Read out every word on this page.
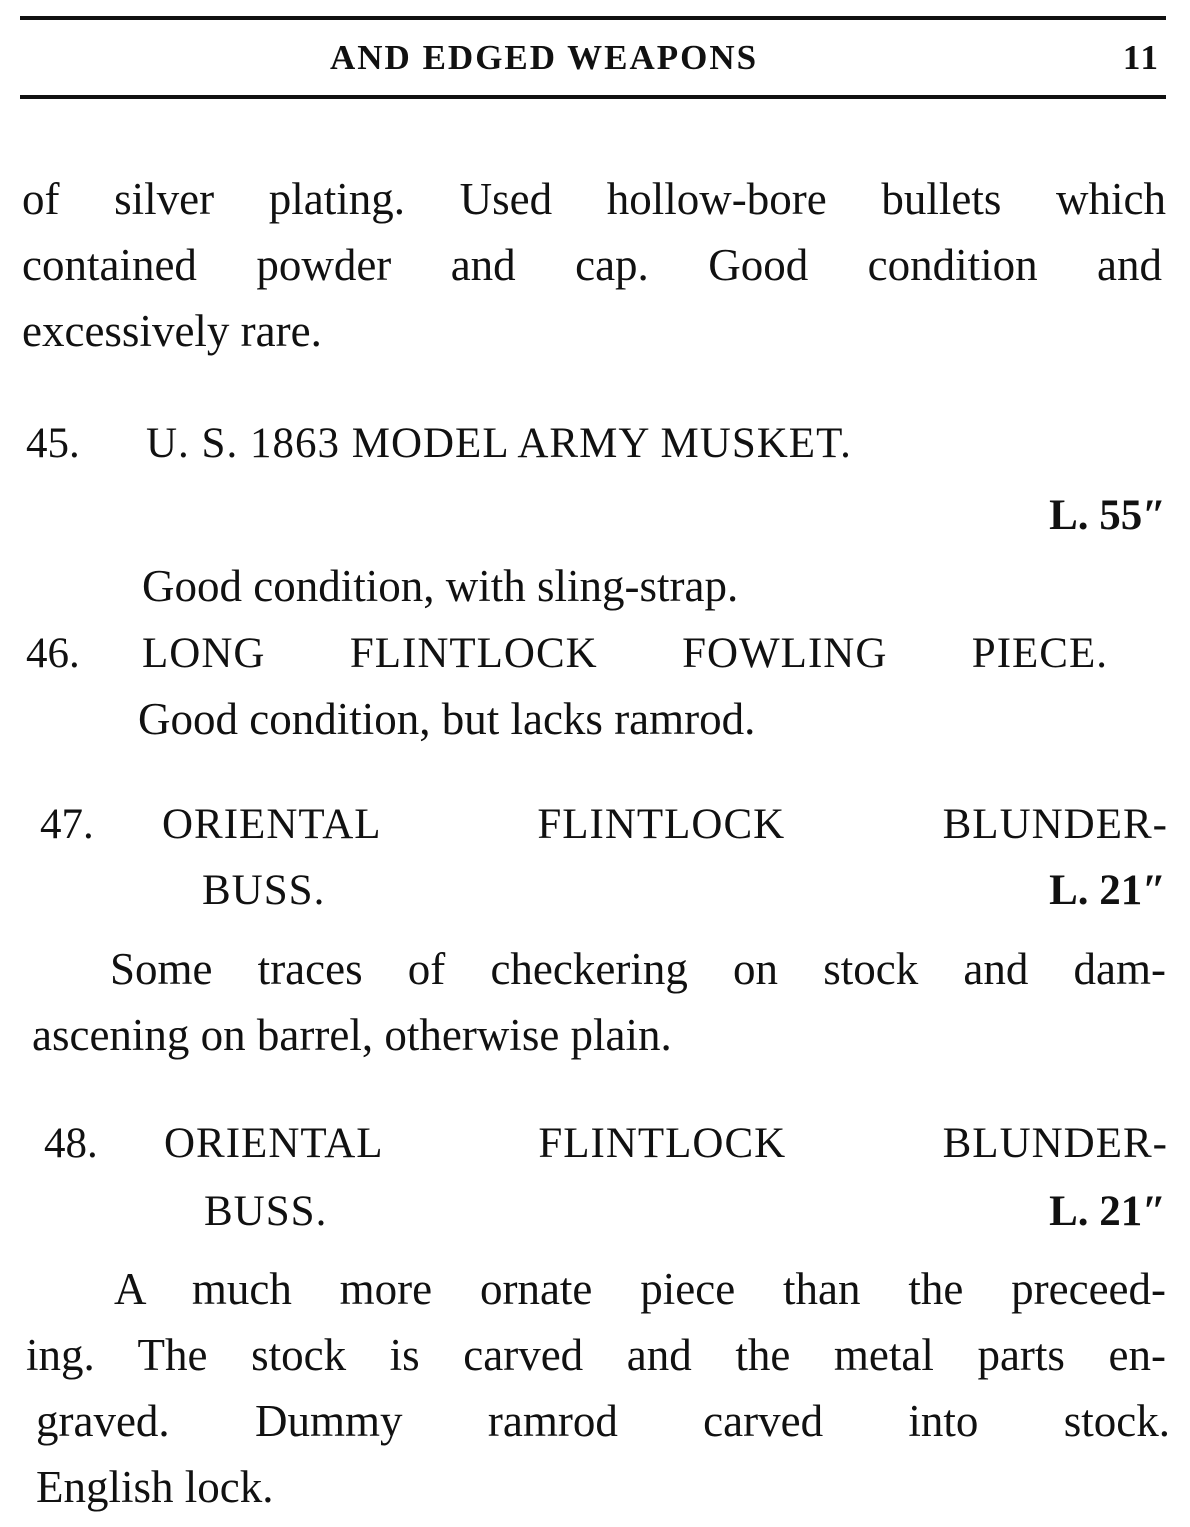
AND EDGED WEAPONS	11
of silver plating. Used hollow-bore bullets which
contained powder and cap. Good condition and
excessively rare.
45. U. S. 1863 MODEL ARMY MUSKET.
L. 55″
Good condition, with sling-strap.
46. LONG FLINTLOCK FOWLING PIECE.
Good condition, but lacks ramrod.
47. ORIENTAL FLINTLOCK BLUNDER-
BUSS.	L. 21″
Some traces of checkering on stock and dam-
ascening on barrel, otherwise plain.
48. ORIENTAL FLINTLOCK BLUNDER-
BUSS.	L. 21″
A much more ornate piece than the preceed-
ing. The stock is carved and the metal parts en-
graved. Dummy ramrod carved into stock.
English lock.
